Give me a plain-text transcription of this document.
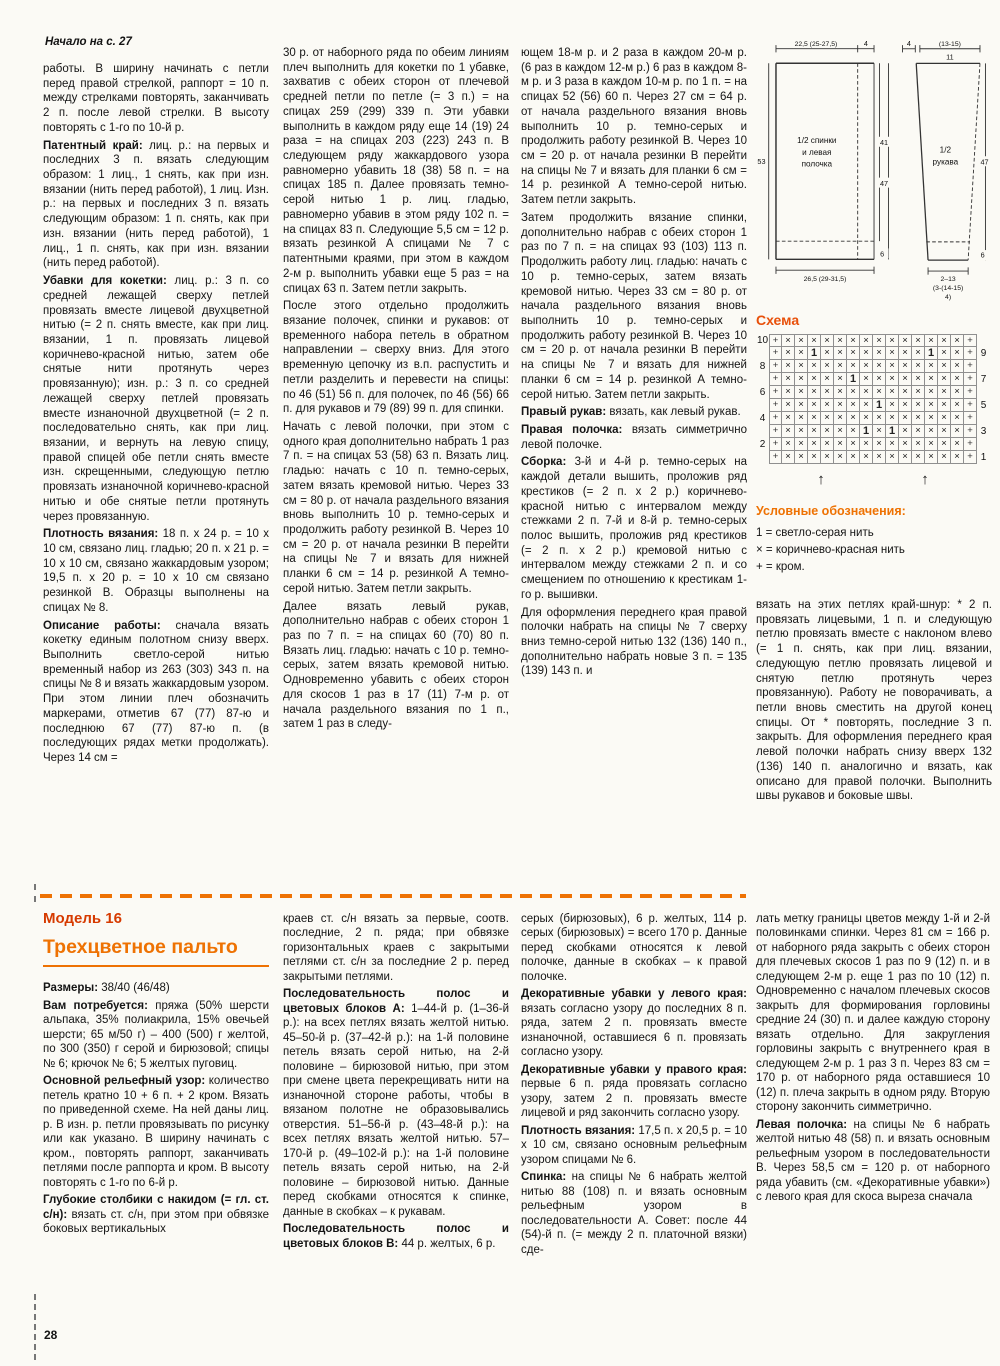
Начало на с. 27

работы. В ширину начинать с петли перед правой стрелкой, раппорт = 10 п. между стрелками повторять, заканчивать 2 п. после левой стрелки. В высоту повторять с 1-го по 10-й р.

Патентный край: лиц. р.: на первых и последних 3 п. вязать следующим образом: 1 лиц., 1 снять, как при изн. вязании (нить перед работой), 1 лиц. Изн. р.: на первых и последних 3 п. вязать следующим образом: 1 п. снять, как при изн. вязании (нить перед работой), 1 лиц., 1 п. снять, как при изн. вязании (нить перед работой).

Убавки для кокетки: лиц. р.: 3 п. со средней лежащей сверху петлей провязать вместе лицевой двухцветной нитью (= 2 п. снять вместе, как при лиц. вязании, 1 п. провязать лицевой коричнево-красной нитью, затем обе снятые нити протянуть через провязанную); изн. р.: 3 п. со средней лежащей сверху петлей провязать вместе изнаночной двухцветной (= 2 п. последовательно снять, как при лиц. вязании, и вернуть на левую спицу, правой спицей обе петли снять вместе изн. скрещенными, следующую петлю провязать изнаночной коричнево-красной нитью и обе снятые петли протянуть через провязанную.

Плотность вязания: 18 п. x 24 р. = 10 x 10 см, связано лиц. гладью; 20 п. x 21 р. = 10 x 10 см, связано жаккардовым узором; 19,5 п. x 20 р. = 10 x 10 см связано резинкой В. Образцы выполнены на спицах № 8.

Описание работы: сначала вязать кокетку единым полотном снизу вверх. Выполнить светло-серой нитью временный набор из 263 (303) 343 п. на спицы № 8 и вязать жаккардовым узором. При этом линии плеч обозначить маркерами, отметив 67 (77) 87-ю и последнюю 67 (77) 87-ю п. (в последующих рядах метки продолжать). Через 14 см =

30 р. от наборного ряда по обеим линиям плеч выполнить для кокетки по 1 убавке, захватив с обеих сторон от плечевой средней петли по петле (= 3 п.) = на спицах 259 (299) 339 п. Эти убавки выполнить в каждом ряду еще 14 (19) 24 раза = на спицах 203 (223) 243 п. В следующем ряду жаккардового узора равномерно убавить 18 (38) 58 п. = на спицах 185 п. Далее провязать темно-серой нитью 1 р. лиц. гладью, равномерно убавив в этом ряду 102 п. = на спицах 83 п. Следующие 5,5 см = 12 р. вязать резинкой А спицами № 7 с патентными краями, при этом в каждом 2-м р. выполнить убавки еще 5 раз = на спицах 63 п. Затем петли закрыть.

После этого отдельно продолжить вязание полочек, спинки и рукавов: от временного набора петель в обратном направлении – сверху вниз. Для этого временную цепочку из в.п. распустить и петли разделить и перевести на спицы: по 46 (51) 56 п. для полочек, по 46 (56) 66 п. для рукавов и 79 (89) 99 п. для спинки.

Начать с левой полочки, при этом с одного края дополнительно набрать 1 раз 7 п. = на спицах 53 (58) 63 п. Вязать лиц. гладью: начать с 10 п. темно-серых, затем вязать кремовой нитью. Через 33 см = 80 р. от начала раздельного вязания вновь выполнить 10 р. темно-серых и продолжить работу резинкой В. Через 10 см = 20 р. от начала резинки В перейти на спицы № 7 и вязать для нижней планки 6 см = 14 р. резинкой А темно-серой нитью. Затем петли закрыть.

Далее вязать левый рукав, дополнительно набрав с обеих сторон 1 раз по 7 п. = на спицах 60 (70) 80 п. Вязать лиц. гладью: начать с 10 р. темно-серых, затем вязать кремовой нитью. Одновременно убавить с обеих сторон для скосов 1 раз в 17 (11) 7-м р. от начала раздельного вязания по 1 п., затем 1 раз в следу-

ющем 18-м р. и 2 раза в каждом 20-м р. (6 раз в каждом 12-м р.) 6 раз в каждом 8-м р. и 3 раза в каждом 10-м р. по 1 п. = на спицах 52 (56) 60 п. Через 27 см = 64 р. от начала раздельного вязания вновь выполнить 10 р. темно-серых и продолжить работу резинкой В. Через 10 см = 20 р. от начала резинки В перейти на спицы № 7 и вязать для планки 6 см = 14 р. резинкой А темно-серой нитью. Затем петли закрыть.

Затем продолжить вязание спинки, дополнительно набрав с обеих сторон 1 раз по 7 п. = на спицах 93 (103) 113 п. Продолжить работу лиц. гладью: начать с 10 р. темно-серых, затем вязать кремовой нитью. Через 33 см = 80 р. от начала раздельного вязания вновь выполнить 10 р. темно-серых и продолжить работу резинкой В. Через 10 см = 20 р. от начала резинки В перейти на спицы № 7 и вязать для нижней планки 6 см = 14 р. резинкой А темно-серой нитью. Затем петли закрыть.

Правый рукав: вязать, как левый рукав.

Правая полочка: вязать симметрично левой полочке.

Сборка: 3-й и 4-й р. темно-серых на каждой детали вышить, проложив ряд крестиков (= 2 п. x 2 р.) коричнево-красной нитью с интервалом между стежками 2 п. 7-й и 8-й р. темно-серых полос вышить, проложив ряд крестиков (= 2 п. x 2 р.) кремовой нитью с интервалом между стежками 2 п. и со смещением по отношению к крестикам 1-го р. вышивки.

Для оформления переднего края правой полочки набрать на спицы № 7 сверху вниз темно-серой нитью 132 (136) 140 п., дополнительно набрать новые 3 п. = 135 (139) 143 п. и

22,5 (25-27,5)	4
53
41
47
6
26,5 (29-31,5)
1/2 спинки
и левая
полочка
4	(13-15)
11
47
6
2–13
(3-(14-15)
4)
1/2
рукава
Схема
10 + × × × × × × × × × × × × × × +
+ × × 1 × × × × × × × × 1 × × + 9
8 + × × × × × × × × × × × × × × +
+ × × × × × 1 × × × × × × × × + 7
6 + × × × × × × × × × × × × × × +
+ × × × × × × × 1 × × × × × × + 5
4 + × × × × × × × × × × × × × × +
+ × × × × × × 1 × 1 × × × × × + 3
2 + × × × × × × × × × × × × × × +
+ × × × × × × × × × × × × × × + 1
↑	↑
Условные обозначения:
1 = светло-серая нить
× = коричнево-красная нить
+ = кром.

вязать на этих петлях край-шнур: * 2 п. провязать лицевыми, 1 п. и следующую петлю провязать вместе с наклоном влево (= 1 п. снять, как при лиц. вязании, следующую петлю провязать лицевой и снятую петлю протянуть через провязанную). Работу не поворачивать, а петли вновь сместить на другой конец спицы. От * повторять, последние 3 п. закрыть. Для оформления переднего края левой полочки набрать снизу вверх 132 (136) 140 п. аналогично и вязать, как описано для правой полочки. Выполнить швы рукавов и боковые швы.

Модель 16
Трехцветное пальто

Размеры: 38/40 (46/48)

Вам потребуется: пряжа (50% шерсти альпака, 35% полиакрила, 15% овечьей шерсти; 65 м/50 г) – 400 (500) г желтой, по 300 (350) г серой и бирюзовой; спицы № 6; крючок № 6; 5 желтых пуговиц.

Основной рельефный узор: количество петель кратно 10 + 6 п. + 2 кром. Вязать по приведенной схеме. На ней даны лиц. р. В изн. р. петли провязывать по рисунку или как указано. В ширину начинать с кром., повторять раппорт, заканчивать петлями после раппорта и кром. В высоту повторять с 1-го по 6-й р.

Глубокие столбики с накидом (= гл. ст. с/н): вязать ст. с/н, при этом при обвязке боковых вертикальных

краев ст. с/н вязать за первые, соотв. последние, 2 п. ряда; при обвязке горизонтальных краев с закрытыми петлями ст. с/н за последние 2 р. перед закрытыми петлями.

Последовательность полос и цветовых блоков А: 1–44-й р. (1–36-й р.): на всех петлях вязать желтой нитью. 45–50-й р. (37–42-й р.): на 1-й половине петель вязать серой нитью, на 2-й половине – бирюзовой нитью, при этом при смене цвета перекрещивать нити на изнаночной стороне работы, чтобы в вязаном полотне не образовывались отверстия. 51–56-й р. (43–48-й р.): на всех петлях вязать желтой нитью. 57–170-й р. (49–102-й р.): на 1-й половине петель вязать серой нитью, на 2-й половине – бирюзовой нитью. Данные перед скобками относятся к спинке, данные в скобках – к рукавам.

Последовательность полос и цветовых блоков В: 44 р. желтых, 6 р.

серых (бирюзовых), 6 р. желтых, 114 р. серых (бирюзовых) = всего 170 р. Данные перед скобками относятся к левой полочке, данные в скобках – к правой полочке.

Декоративные убавки у левого края: вязать согласно узору до последних 8 п. ряда, затем 2 п. провязать вместе изнаночной, оставшиеся 6 п. провязать согласно узору.

Декоративные убавки у правого края: первые 6 п. ряда провязать согласно узору, затем 2 п. провязать вместе лицевой и ряд закончить согласно узору.

Плотность вязания: 17,5 п. x 20,5 р. = 10 x 10 см, связано основным рельефным узором спицами № 6.

Спинка: на спицы № 6 набрать желтой нитью 88 (108) п. и вязать основным рельефным узором в последовательности А. Совет: после 44 (54)-й п. (= между 2 п. платочной вязки) сде-

лать метку границы цветов между 1-й и 2-й половинками спинки. Через 81 см = 166 р. от наборного ряда закрыть с обеих сторон для плечевых скосов 1 раз по 9 (12) п. и в следующем 2-м р. еще 1 раз по 10 (12) п. Одновременно с началом плечевых скосов закрыть для формирования горловины средние 24 (30) п. и далее каждую сторону вязать отдельно. Для закругления горловины закрыть с внутреннего края в следующем 2-м р. 1 раз 3 п. Через 83 см = 170 р. от наборного ряда оставшиеся 10 (12) п. плеча закрыть в одном ряду. Вторую сторону закончить симметрично.

Левая полочка: на спицы № 6 набрать желтой нитью 48 (58) п. и вязать основным рельефным узором в последовательности В. Через 58,5 см = 120 р. от наборного ряда убавить (см. «Декоративные убавки») с левого края для скоса выреза сначала

28
